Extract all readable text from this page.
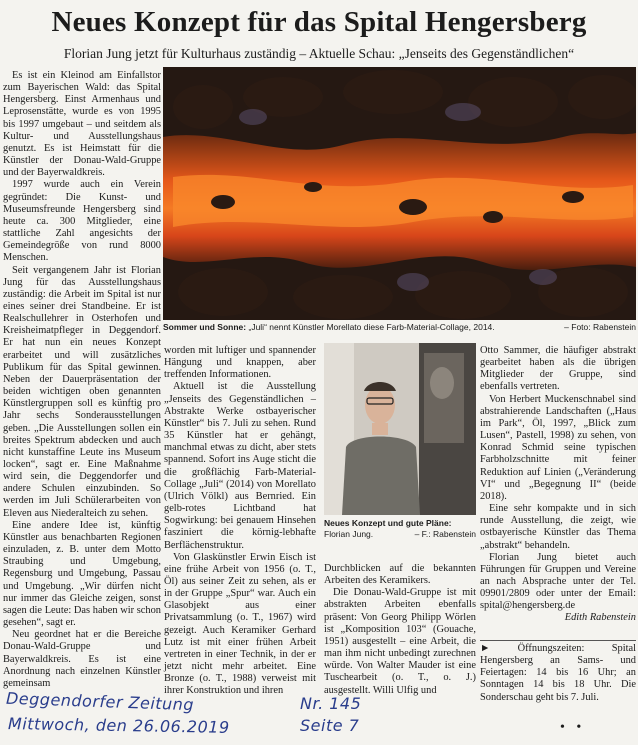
Neues Konzept für das Spital Hengersberg
Florian Jung jetzt für Kulturhaus zuständig – Aktuelle Schau: „Jenseits des Gegenständlichen“

Es ist ein Kleinod am Einfallstor zum Bayerischen Wald: das Spital Hengersberg. Einst Armenhaus und Leprosenstätte, wurde es von 1995 bis 1997 umgebaut – und seitdem als Kultur- und Ausstellungshaus genutzt. Es ist Heimstatt für die Künstler der Donau-Wald-Gruppe und der Bayerwaldkreis.

1997 wurde auch ein Verein gegründet: Die Kunst- und Museumsfreunde Hengersberg sind heute ca. 300 Mitglieder, eine stattliche Zahl angesichts der Gemeindegröße von rund 8000 Menschen.

Seit vergangenem Jahr ist Florian Jung für das Ausstellungshaus zuständig: die Arbeit im Spital ist nur eines seiner drei Standbeine. Er ist Realschullehrer in Osterhofen und Kreisheimatpfleger in Deggendorf. Er hat nun ein neues Konzept erarbeitet und will zusätzliches Publikum für das Spital gewinnen. Neben der Dauerpräsentation der beiden wichtigen oben genannten Künstlergruppen soll es künftig pro Jahr sechs Sonderausstellungen geben. „Die Ausstellungen sollen ein breites Spektrum abdecken und auch nicht kunstaffine Leute ins Museum locken“, sagt er. Eine Maßnahme wird sein, die Deggendorfer und andere Schulen einzubinden. So werden im Juli Schülerarbeiten von Eleven aus Niederalteich zu sehen.

Eine andere Idee ist, künftig Künstler aus benachbarten Regionen einzuladen, z. B. unter dem Motto Straubing und Umgebung, Regensburg und Umgebung, Passau und Umgebung. „Wir dürfen nicht nur immer das Gleiche zeigen, sonst sagen die Leute: Das haben wir schon gesehen“, sagt er.

Neu geordnet hat er die Bereiche Donau-Wald-Gruppe und Bayerwaldkreis. Es ist eine Anordnung nach einzelnen Künstler gemeinsam

Sommer und Sonne: „Juli“ nennt Künstler Morellato diese Farb-Material-Collage, 2014.	– Foto: Rabenstein

worden mit luftiger und spannender Hängung und knappen, aber treffenden Informationen.

Aktuell ist die Ausstellung „Jenseits des Gegenständlichen – Abstrakte Werke ostbayerischer Künstler“ bis 7. Juli zu sehen. Rund 35 Künstler hat er gehängt, manchmal etwas zu dicht, aber stets spannend. Sofort ins Auge sticht die die großflächig Farb-Material-Collage „Juli“ (2014) von Morellato (Ulrich Völkl) aus Bernried. Ein gelb-rotes Lichtband hat Sogwirkung: bei genauem Hinsehen fasziniert die körnig-lebhafte Berflächenstruktur.

Von Glaskünstler Erwin Eisch ist eine frühe Arbeit von 1956 (o. T., Öl) aus seiner Zeit zu sehen, als er in der Gruppe „Spur“ war. Auch ein Glasobjekt aus einer Privatsammlung (o. T., 1967) wird gezeigt. Auch Keramiker Gerhard Lutz ist mit einer frühen Arbeit vertreten in einer Technik, in der er jetzt nicht mehr arbeitet. Eine Bronze (o. T., 1988) verweist mit ihrer Konstruktion und ihren

Neues Konzept und gute Pläne:
Florian Jung.	– F.: Rabenstein

Durchblicken auf die bekannten Arbeiten des Keramikers.

Die Donau-Wald-Gruppe ist mit abstrakten Arbeiten ebenfalls präsent: Von Georg Philipp Wörlen ist „Komposition 103“ (Gouache, 1951) ausgestellt – eine Arbeit, die man ihm nicht unbedingt zurechnen würde. Von Walter Mauder ist eine Tuschearbeit (o. T., o. J.) ausgestellt. Willi Ulfig und

Otto Sammer, die häufiger abstrakt gearbeitet haben als die übrigen Mitglieder der Gruppe, sind ebenfalls vertreten.

Von Herbert Muckenschnabel sind abstrahierende Landschaften („Haus im Park“, Öl, 1997, „Blick zum Lusen“, Pastell, 1998) zu sehen, von Konrad Schmid seine typischen Farbholzschnitte mit feiner Reduktion auf Linien („Veränderung VI“ und „Begegnung II“ (beide 2018).

Eine sehr kompakte und in sich runde Ausstellung, die zeigt, wie ostbayerische Künstler das Thema „abstrakt“ behandeln.

Florian Jung bietet auch Führungen für Gruppen und Vereine an nach Absprache unter der Tel. 09901/2809 oder unter der Email: spital@hengersberg.de

Edith Rabenstein

► Öffnungszeiten: Spital Hengersberg an Sams- und Feiertagen: 14 bis 16 Uhr; an Sonntagen 14 bis 18 Uhr. Die Sonderschau geht bis 7. Juli.
Deggendorfer Zeitung
Mittwoch, den 26.06.2019
Nr. 145
Seite 7	• •
